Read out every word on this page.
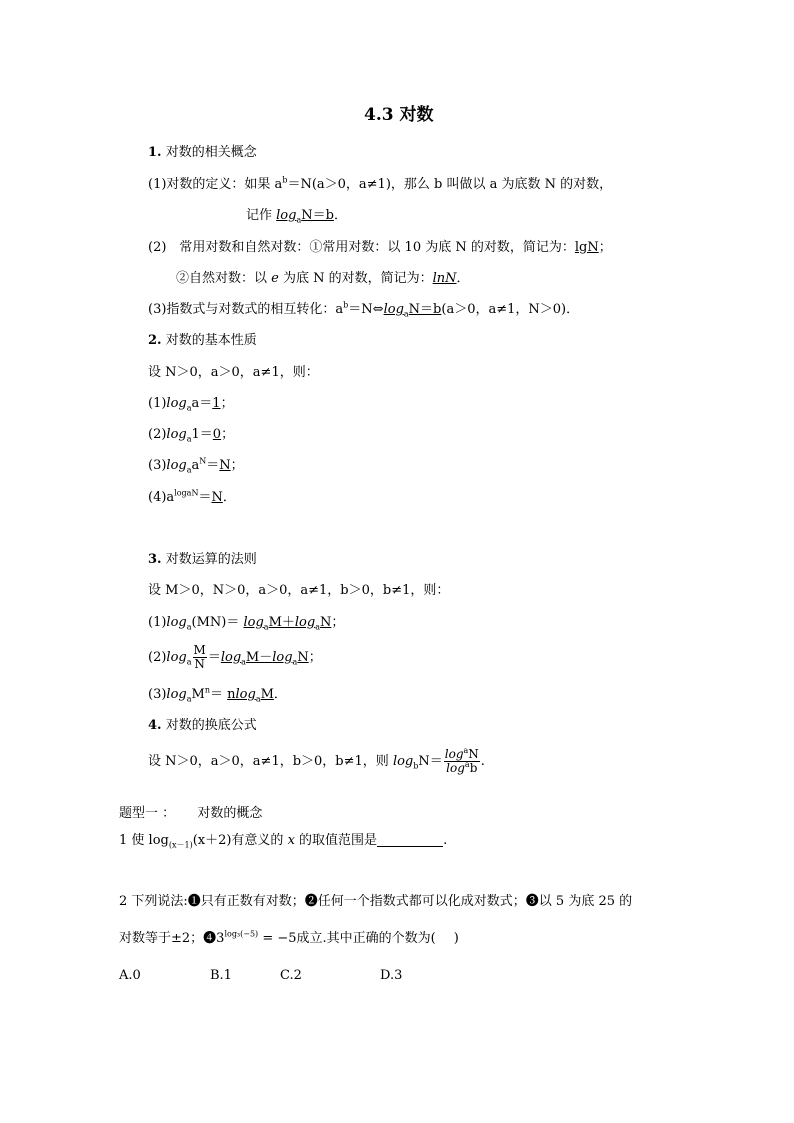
4.3 对数
1. 对数的相关概念
(1)对数的定义：如果 $a^b=N(a>0$，a≠1)，那么 b 叫做以 a 为底数 N 的对数，
记作 $\log_aN=b$．
(2)　常用对数和自然对数：①常用对数：以 10 为底 N 的对数，简记为：lgN；
②自然对数：以 e 为底 N 的对数，简记为：lnN．
(3)指数式与对数式的相互转化：$a^b=N\Leftrightarrow\log_aN=b(a>0$，a≠1，N＞0)．
2. 对数的基本性质
设 N＞0，a＞0，a≠1，则：
$(1)\log_aa=1$；
$(2)\log_a1=0$；
$(3)\log_aa^N=N$；
$(4)a^{logaN}=N$．
3. 对数运算的法则
设 M＞0，N＞0，a＞0，a≠1，b＞0，b≠1，则：
$(1)\log_a(MN)= \log_aM+\log_aN$；
$(2)\log_a \frac{M}{N} =\log_aM-\log_aN$；
$(3)\log_aM^n= nlog_aM$．
4. 对数的换底公式
设 N＞0，a＞0，a≠1，b＞0，b≠1，则 $\log_bN= \frac{\log^aN}{\log^ab}$ .
题型一 ： 对数的概念
1 使 $\log_{(x-1)}(x+2)$有意义的 x 的取值范围是	.
2 下列说法:❶只有正数有对数；❷任何一个指数式都可以化成对数式；❸以 5 为底 25 的
对数等于±2；$❹3^{log_3(-5)} = -5$成立.其中正确的个数为( )
A.0	B.1	C.2	D.3
